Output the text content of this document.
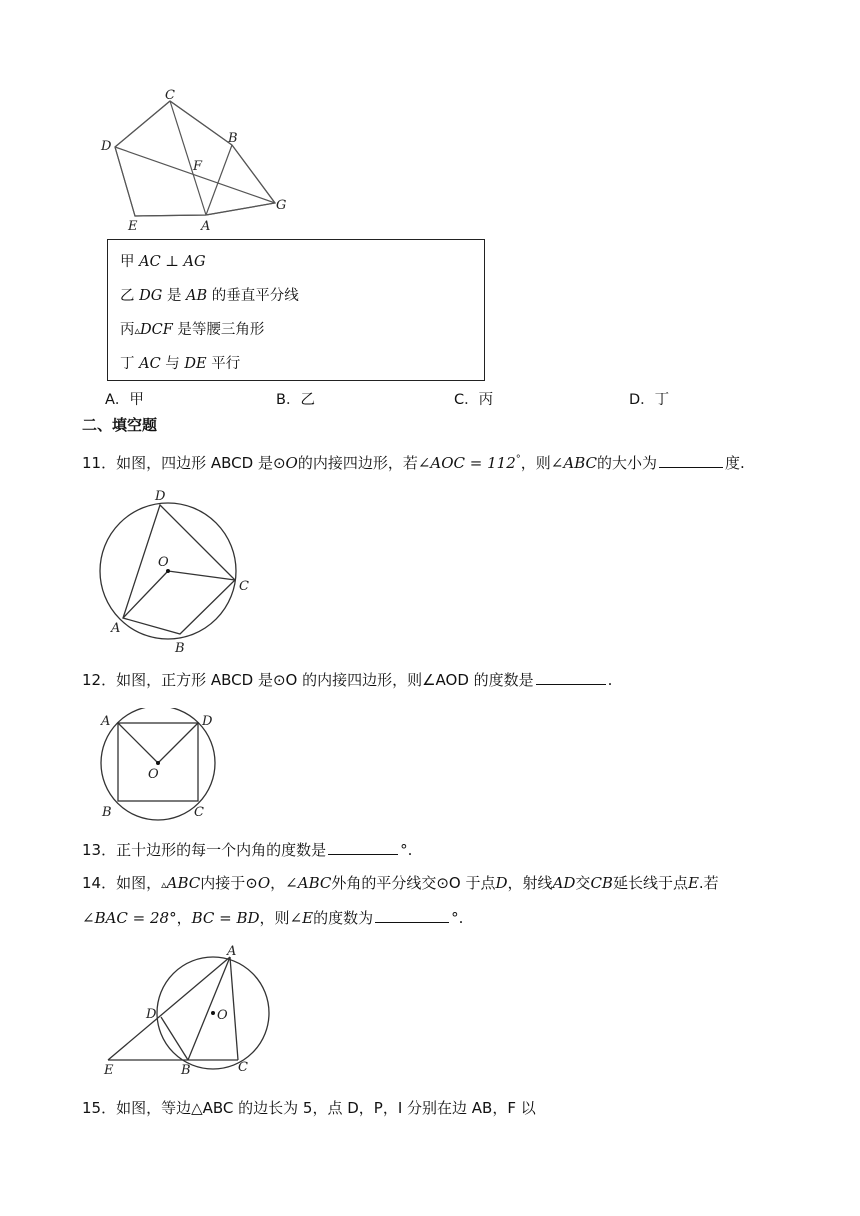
C
B
D
F
G
E	A
甲 AC ⊥ AG
乙 DG 是 AB 的垂直平分线
丙▵DCF 是等腰三角形
丁 AC 与 DE 平行
A．甲	B．乙	C．丙	D．丁
二、填空题
11．如图，四边形 ABCD 是⊙O的内接四边形，若∠AOC = 112°，则∠ABC的大小为	度.
D
O
C
A
B
12．如图，正方形 ABCD 是⊙O 的内接四边形，则∠AOD 的度数是	.
A	D
O
B	C
13．正十边形的每一个内角的度数是	°.
14．如图，▵ABC内接于⊙O，∠ABC外角的平分线交⊙O 于点D，射线AD交CB延长线于点E.若
∠BAC = 28°，BC = BD，则∠E的度数为	°.
A
D	O
E	B	C
15．如图，等边△ABC 的边长为 5，点 D，P，I 分别在边 AB，F 以
